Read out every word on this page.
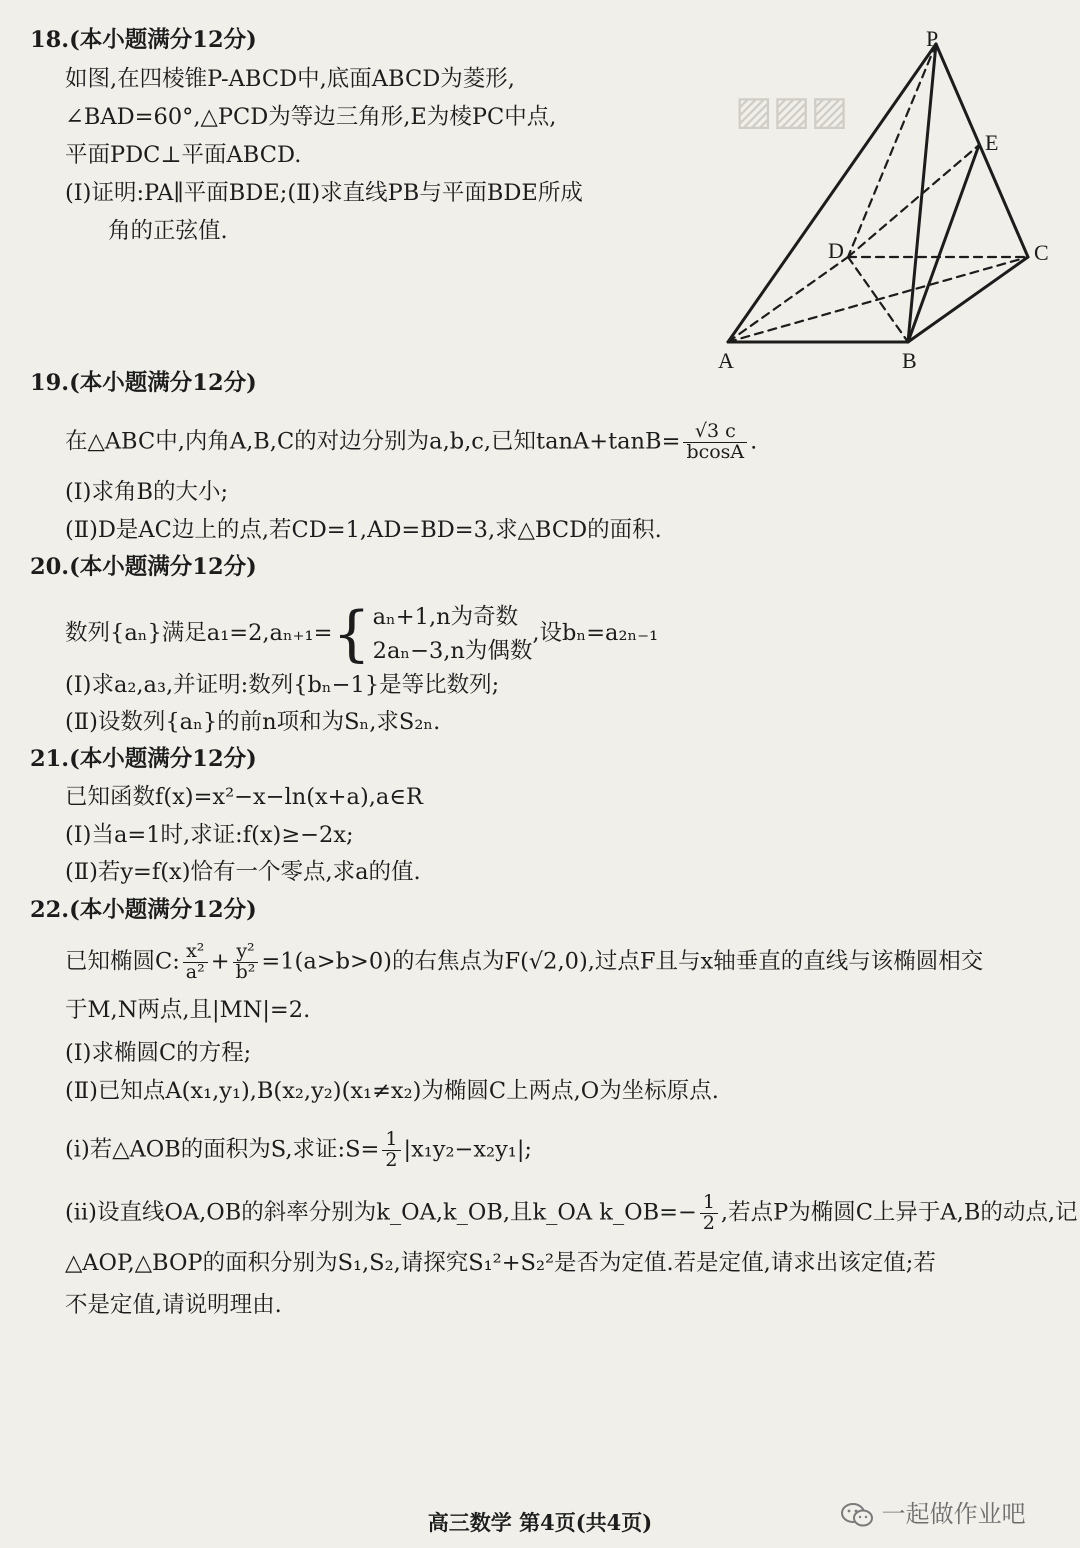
▨▨▨
18.(本小题满分12分)
如图,在四棱锥P-ABCD中,底面ABCD为菱形,
∠BAD=60°,△PCD为等边三角形,E为棱PC中点,
平面PDC⊥平面ABCD.
(Ⅰ)证明:PA∥平面BDE;(Ⅱ)求直线PB与平面BDE所成
角的正弦值.
P
E
D	C
A	B
19.(本小题满分12分)
在△ABC中,内角A,B,C的对边分别为a,b,c,已知$\tan A+\tan B= \frac{√3 c}{bcosA}$ .
(Ⅰ)求角B的大小;
(Ⅱ)D是AC边上的点,若CD=1,AD=BD=3,求△BCD的面积.
20.(本小题满分12分)
数列{aₙ}满足a₁=2,aₙ₊₁={ aₙ+1,n为奇数
2aₙ−3,n为偶数
,设bₙ=a₂ₙ₋₁
(Ⅰ)求a₂,a₃,并证明:数列{bₙ−1}是等比数列;
(Ⅱ)设数列{aₙ}的前n项和为Sₙ,求S₂ₙ.
21.(本小题满分12分)
已知函数f(x)=x²−x−ln(x+a),a∈R
(Ⅰ)当a=1时,求证:f(x)≥−2x;
(Ⅱ)若y=f(x)恰有一个零点,求a的值.
22.(本小题满分12分)
已知椭圆C: $\frac{\text{x²}}{\text{a²}} + \frac{\text{y²}}{\text{b²}} =1(a>b>0)$的右焦点为F(√2,0),过点F且与x轴垂直的直线与该椭圆相交
于M,N两点,且|MN|=2.
(Ⅰ)求椭圆C的方程;
(Ⅱ)已知点A(x₁,y₁),B(x₂,y₂)(x₁≠x₂)为椭圆C上两点,O为坐标原点.
(ⅰ)若△AOB的面积为S,求证:S= $\frac{1}{2} |x_1y_2-x_2y_1|$;
(ⅱ)设直线OA,OB的斜率分别为k_OA,k_OB,且k_OA k_OB=− $\frac{1}{2}$ ,若点P为椭圆C上异于A,B的动点,记
△AOP,△BOP的面积分别为S₁,S₂,请探究S₁²+S₂²是否为定值.若是定值,请求出该定值;若
不是定值,请说明理由.
高三数学 第4页(共4页)	一起做作业吧
